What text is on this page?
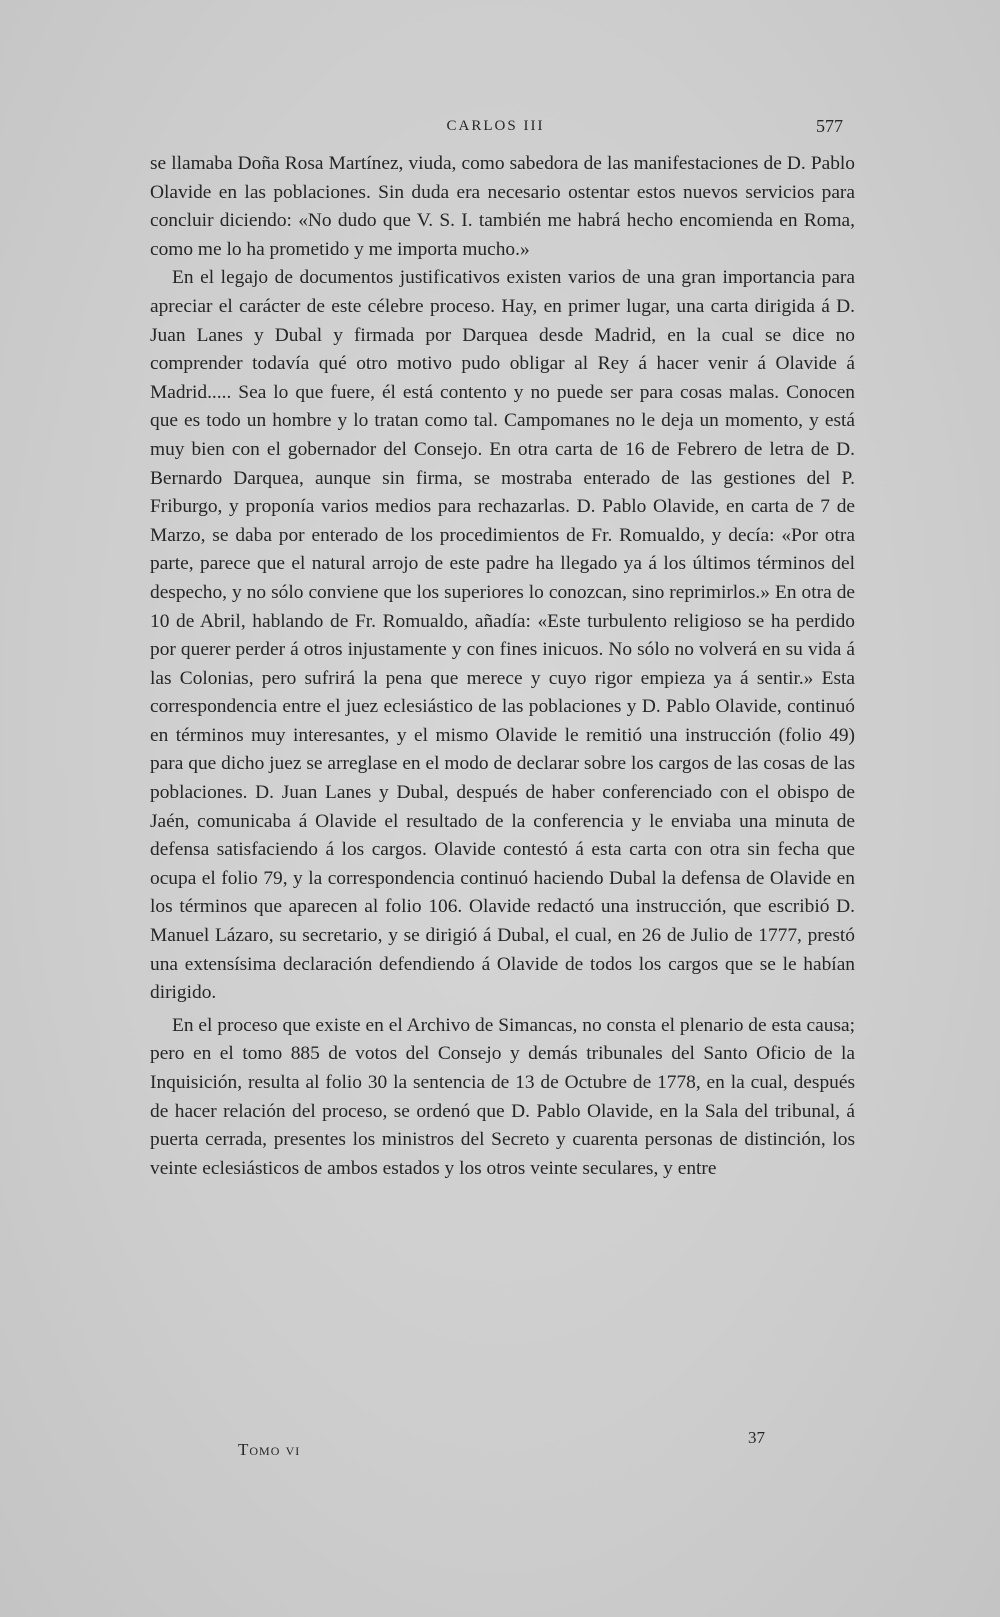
CARLOS III	577

se llamaba Doña Rosa Martínez, viuda, como sabedora de las manifestaciones de D. Pablo Olavide en las poblaciones. Sin duda era necesario ostentar estos nuevos servicios para concluir diciendo: «No dudo que V. S. I. también me habrá hecho encomienda en Roma, como me lo ha prometido y me importa mucho.»

En el legajo de documentos justificativos existen varios de una gran importancia para apreciar el carácter de este célebre proceso. Hay, en primer lugar, una carta dirigida á D. Juan Lanes y Dubal y firmada por Darquea desde Madrid, en la cual se dice no comprender todavía qué otro motivo pudo obligar al Rey á hacer venir á Olavide á Madrid..... Sea lo que fuere, él está contento y no puede ser para cosas malas. Conocen que es todo un hombre y lo tratan como tal. Campomanes no le deja un momento, y está muy bien con el gobernador del Consejo. En otra carta de 16 de Febrero de letra de D. Bernardo Darquea, aunque sin firma, se mostraba enterado de las gestiones del P. Friburgo, y proponía varios medios para rechazarlas. D. Pablo Olavide, en carta de 7 de Marzo, se daba por enterado de los procedimientos de Fr. Romualdo, y decía: «Por otra parte, parece que el natural arrojo de este padre ha llegado ya á los últimos términos del despecho, y no sólo conviene que los superiores lo conozcan, sino reprimirlos.» En otra de 10 de Abril, hablando de Fr. Romualdo, añadía: «Este turbulento religioso se ha perdido por querer perder á otros injustamente y con fines inicuos. No sólo no volverá en su vida á las Colonias, pero sufrirá la pena que merece y cuyo rigor empieza ya á sentir.» Esta correspondencia entre el juez eclesiástico de las poblaciones y D. Pablo Olavide, continuó en términos muy interesantes, y el mismo Olavide le remitió una instrucción (folio 49) para que dicho juez se arreglase en el modo de declarar sobre los cargos de las cosas de las poblaciones. D. Juan Lanes y Dubal, después de haber conferenciado con el obispo de Jaén, comunicaba á Olavide el resultado de la conferencia y le enviaba una minuta de defensa satisfaciendo á los cargos. Olavide contestó á esta carta con otra sin fecha que ocupa el folio 79, y la correspondencia continuó haciendo Dubal la defensa de Olavide en los términos que aparecen al folio 106. Olavide redactó una instrucción, que escribió D. Manuel Lázaro, su secretario, y se dirigió á Dubal, el cual, en 26 de Julio de 1777, prestó una extensísima declaración defendiendo á Olavide de todos los cargos que se le habían dirigido.

En el proceso que existe en el Archivo de Simancas, no consta el plenario de esta causa; pero en el tomo 885 de votos del Consejo y demás tribunales del Santo Oficio de la Inquisición, resulta al folio 30 la sentencia de 13 de Octubre de 1778, en la cual, después de hacer relación del proceso, se ordenó que D. Pablo Olavide, en la Sala del tribunal, á puerta cerrada, presentes los ministros del Secreto y cuarenta personas de distinción, los veinte eclesiásticos de ambos estados y los otros veinte seculares, y entre

Tomo vi
37
